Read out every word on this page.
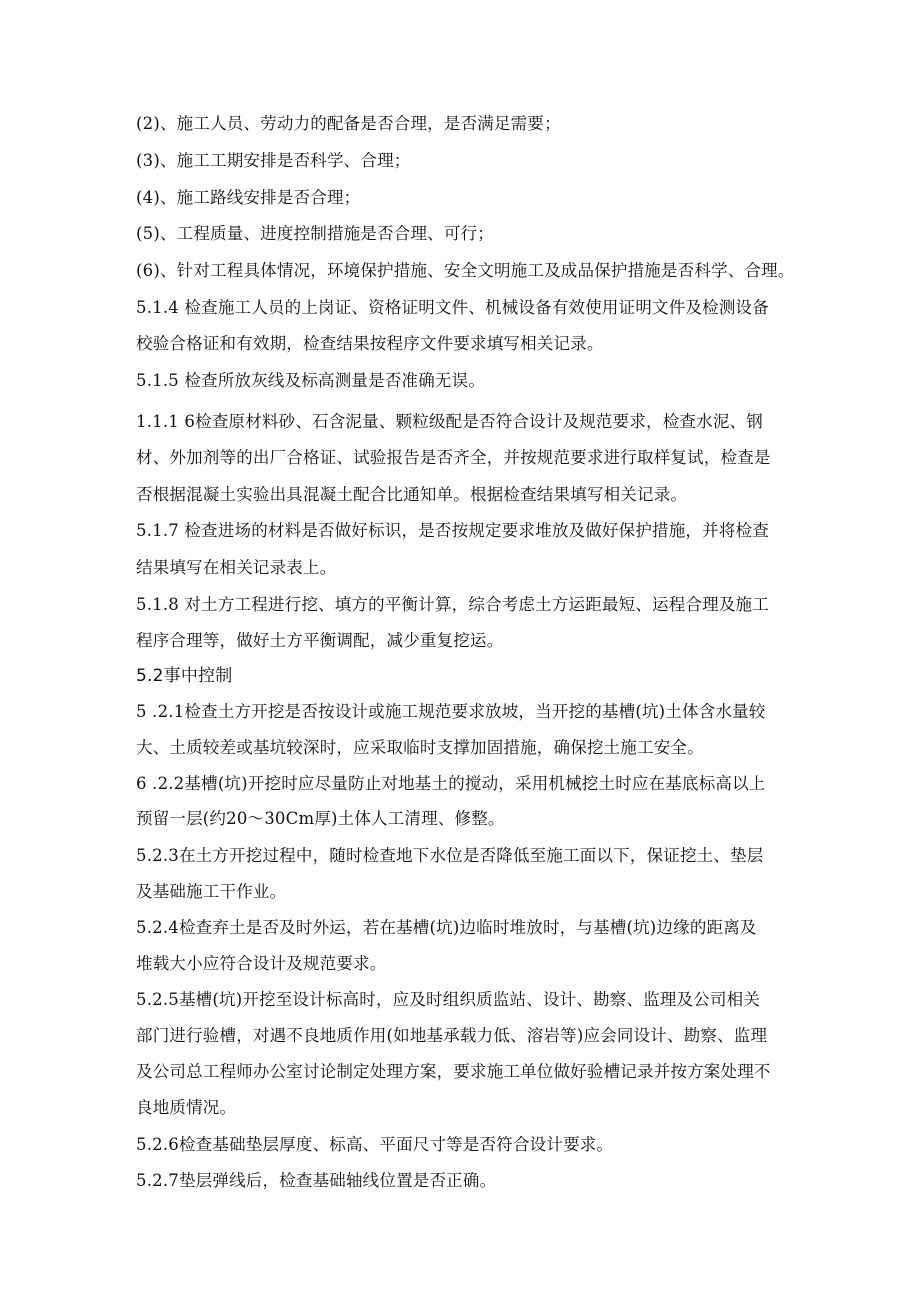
(2)、施工人员、劳动力的配备是否合理，是否满足需要；
(3)、施工工期安排是否科学、合理；
(4)、施工路线安排是否合理；
(5)、工程质量、进度控制措施是否合理、可行；
(6)、针对工程具体情况，环境保护措施、安全文明施工及成品保护措施是否科学、合理。
5.1.4 检查施工人员的上岗证、资格证明文件、机械设备有效使用证明文件及检测设备
校验合格证和有效期，检查结果按程序文件要求填写相关记录。
5.1.5 检查所放灰线及标高测量是否准确无误。
1.1.1 6检查原材料砂、石含泥量、颗粒级配是否符合设计及规范要求，检查水泥、钢
材、外加剂等的出厂合格证、试验报告是否齐全，并按规范要求进行取样复试，检查是
否根据混凝土实验出具混凝土配合比通知单。根据检查结果填写相关记录。
5.1.7 检查进场的材料是否做好标识，是否按规定要求堆放及做好保护措施，并将检查
结果填写在相关记录表上。
5.1.8 对土方工程进行挖、填方的平衡计算，综合考虑土方运距最短、运程合理及施工
程序合理等，做好土方平衡调配，减少重复挖运。
5.2事中控制
5 .2.1检查土方开挖是否按设计或施工规范要求放坡，当开挖的基槽(坑)土体含水量较
大、土质较差或基坑较深时，应采取临时支撑加固措施，确保挖土施工安全。
6 .2.2基槽(坑)开挖时应尽量防止对地基土的搅动，采用机械挖土时应在基底标高以上
预留一层(约20～30Cm厚)土体人工清理、修整。
5.2.3在土方开挖过程中，随时检查地下水位是否降低至施工面以下，保证挖土、垫层
及基础施工干作业。
5.2.4检查弃土是否及时外运，若在基槽(坑)边临时堆放时，与基槽(坑)边缘的距离及
堆载大小应符合设计及规范要求。
5.2.5基槽(坑)开挖至设计标高时，应及时组织质监站、设计、勘察、监理及公司相关
部门进行验槽，对遇不良地质作用(如地基承载力低、溶岩等)应会同设计、勘察、监理
及公司总工程师办公室讨论制定处理方案，要求施工单位做好验槽记录并按方案处理不
良地质情况。
5.2.6检查基础垫层厚度、标高、平面尺寸等是否符合设计要求。
5.2.7垫层弹线后，检查基础轴线位置是否正确。
